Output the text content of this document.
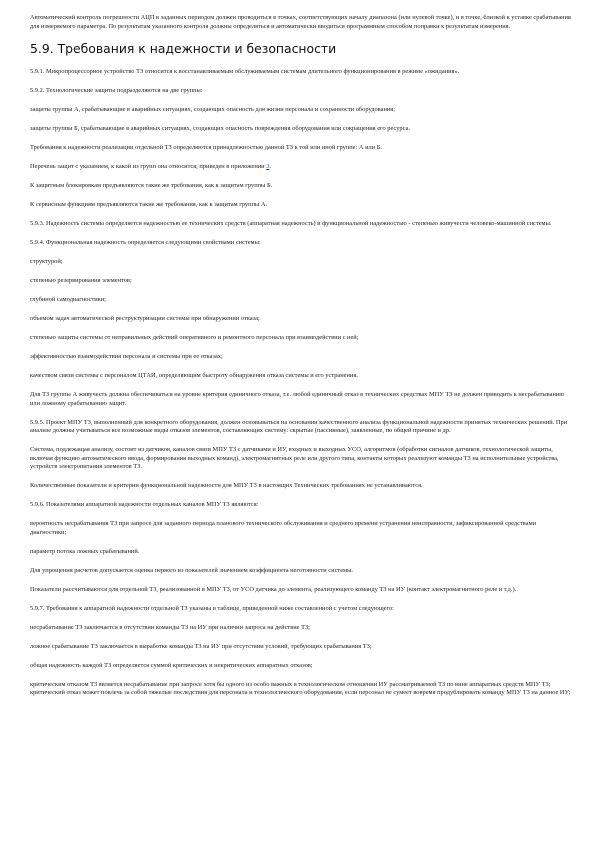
Автоматический контроль погрешности АЦП в заданных периодом должен проводиться в точках, соответствующих началу диапазона (или нулевой точке), и в точке, близкой к уставке срабатывания для измеряемого параметра. По результатам указанного контроля должны определяться и автоматически вводиться программным способом поправки к результатам измерения.

5.9. Требования к надежности и безопасности

5.9.1. Микропроцессорное устройство ТЗ относится к восстанавливаемым обслуживаемым системам длительного функционирования в режиме «ожидания».

5.9.2. Технологические защиты подразделяются на две группы:

защиты группы А, срабатывающие в аварийных ситуациях, создающих опасность для жизни персонала и сохранности оборудования;

защиты группы Б, срабатывающие в аварийных ситуациях, создающих опасность повреждения оборудования или сокращения его ресурса.

Требования к надежности реализации отдельной ТЗ определяются принадлежностью данной ТЗ к той или иной группе: А или Б.

Перечень защит с указанием, к какой из групп она относится, приведен в приложении 3.

К защитным блокировкам предъявляются такие же требования, как к защитам группы Б.

К сервисным функциям предъявляются такие же требования, как к защитам группы А.

5.9.3. Надежность системы определяется надежностью ее технических средств (аппаратная надежность) и функциональной надежностью - степенью живучести человеко-машинной системы.

5.9.4. Функциональная надежность определяется следующими свойствами системы:

структурой;

степенью резервирования элементов;

глубиной самодиагностики;

объемом задач автоматической реструктуризации системы при обнаружении отказа;

степенью защиты системы от неправильных действий оперативного и ремонтного персонала при взаимодействии с ней;

эффективностью взаимодействия персонала и системы при ее отказах;

качеством связи системы с персоналом ЦТАИ, определяющим быстроту обнаружения отказа системы и его устранения.

Для ТЗ группы А живучесть должна обеспечиваться на уровне критерия единичного отказа, т.е. любой единичный отказ в технических средствах МПУ ТЗ не должен приводить к несрабатыванию или ложному срабатыванию защит.

5.9.5. Проект МПУ ТЗ, выполненный для конкретного оборудования, должен основываться на основании качественного анализа функциональной надежности принятых технических решений. При анализе должны учитываться все возможные виды отказов элементов, составляющих систему: скрытые (пассивные), заявленные, по общей причине и др.

Система, подлежащая анализу, состоит из датчиков, каналов связи МПУ ТЗ с датчиками и ИУ, входных и выходных УСО, алгоритмов (обработки сигналов датчиков, технологической защиты, включая функцию автоматического ввода, формирования выходных команд), электромагнитных реле или другого типа, контакты которых реализуют команды ТЗ на исполнительные устройства, устройств электропитания элементов ТЗ.

Количественные показатели и критерии функциональной надежности для МПУ ТЗ в настоящих Технических требованиях не устанавливаются.

5.9.6. Показателями аппаратной надежности отдельных каналов МПУ ТЗ являются:

вероятность несрабатывания ТЗ при запросе для заданного периода планового технического обслуживания и среднего времени устранения неисправности, зафиксированной средствами диагностики;

параметр потока ложных срабатываний.

Для упрощения расчетов допускается оценка первого из показателей значением коэффициента неготовности системы.

Показатели рассчитываются для отдельной ТЗ, реализованной в МПУ ТЗ, от УСО датчика до элемента, реализующего команду ТЗ на ИУ (контакт электромагнитного реле и т.д.).

5.9.7. Требования к аппаратной надежности отдельной ТЗ указаны в таблице, приведенной ниже составленной с учетом следующего:

несрабатывание ТЗ заключается в отсутствии команды ТЗ на ИУ при наличии запроса на действие ТЗ;

ложное срабатывание ТЗ заключается в выработке команды ТЗ на ИУ при отсутствии условий, требующих срабатывания ТЗ;

общая надежность каждой ТЗ определяется суммой критических и некритических аппаратных отказов;

критическим отказом ТЗ является несрабатывание при запросе хотя бы одного из особо важных в технологическом отношении ИУ рассматриваемой ТЗ по вине аппаратных средств МПУ ТЗ; критический отказ может повлечь за собой тяжелые последствия для персонала и технологического оборудования, если персонал не сумеет вовремя продублировать команду МПУ ТЗ на данное ИУ;
